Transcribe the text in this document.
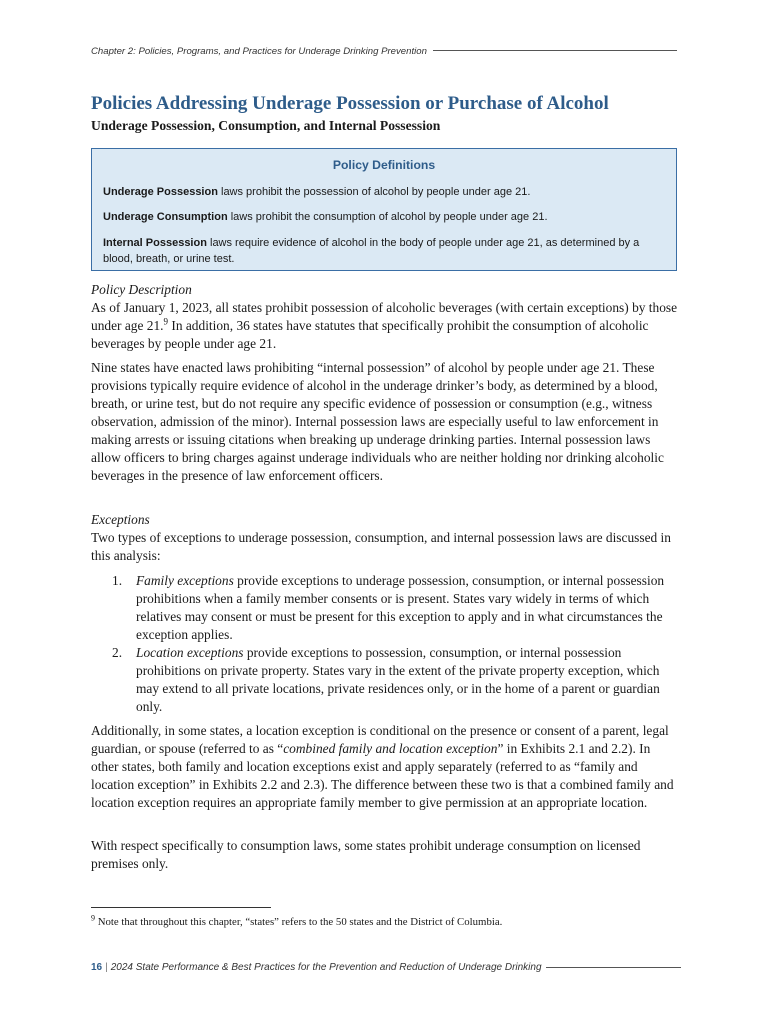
Chapter 2: Policies, Programs, and Practices for Underage Drinking Prevention
Policies Addressing Underage Possession or Purchase of Alcohol
Underage Possession, Consumption, and Internal Possession

Policy Definitions

Underage Possession laws prohibit the possession of alcohol by people under age 21.

Underage Consumption laws prohibit the consumption of alcohol by people under age 21.

Internal Possession laws require evidence of alcohol in the body of people under age 21, as determined by a blood, breath, or urine test.

Policy Description

As of January 1, 2023, all states prohibit possession of alcoholic beverages (with certain exceptions) by those under age 21.$^9$ In addition, 36 states have statutes that specifically prohibit the consumption of alcoholic beverages by people under age 21.

Nine states have enacted laws prohibiting “internal possession” of alcohol by people under age 21. These provisions typically require evidence of alcohol in the underage drinker’s body, as determined by a blood, breath, or urine test, but do not require any specific evidence of possession or consumption (e.g., witness observation, admission of the minor). Internal possession laws are especially useful to law enforcement in making arrests or issuing citations when breaking up underage drinking parties. Internal possession laws allow officers to bring charges against underage individuals who are neither holding nor drinking alcoholic beverages in the presence of law enforcement officers.

Exceptions

Two types of exceptions to underage possession, consumption, and internal possession laws are discussed in this analysis:

1. Family exceptions provide exceptions to underage possession, consumption, or internal possession prohibitions when a family member consents or is present. States vary widely in terms of which relatives may consent or must be present for this exception to apply and in what circumstances the exception applies.
2. Location exceptions provide exceptions to possession, consumption, or internal possession prohibitions on private property. States vary in the extent of the private property exception, which may extend to all private locations, private residences only, or in the home of a parent or guardian only.

Additionally, in some states, a location exception is conditional on the presence or consent of a parent, legal guardian, or spouse (referred to as “combined family and location exception” in Exhibits 2.1 and 2.2). In other states, both family and location exceptions exist and apply separately (referred to as “family and location exception” in Exhibits 2.2 and 2.3). The difference between these two is that a combined family and location exception requires an appropriate family member to give permission at an appropriate location.

With respect specifically to consumption laws, some states prohibit underage consumption on licensed premises only.

$^9$ Note that throughout this chapter, “states” refers to the 50 states and the District of Columbia.
16 | 2024 State Performance & Best Practices for the Prevention and Reduction of Underage Drinking
